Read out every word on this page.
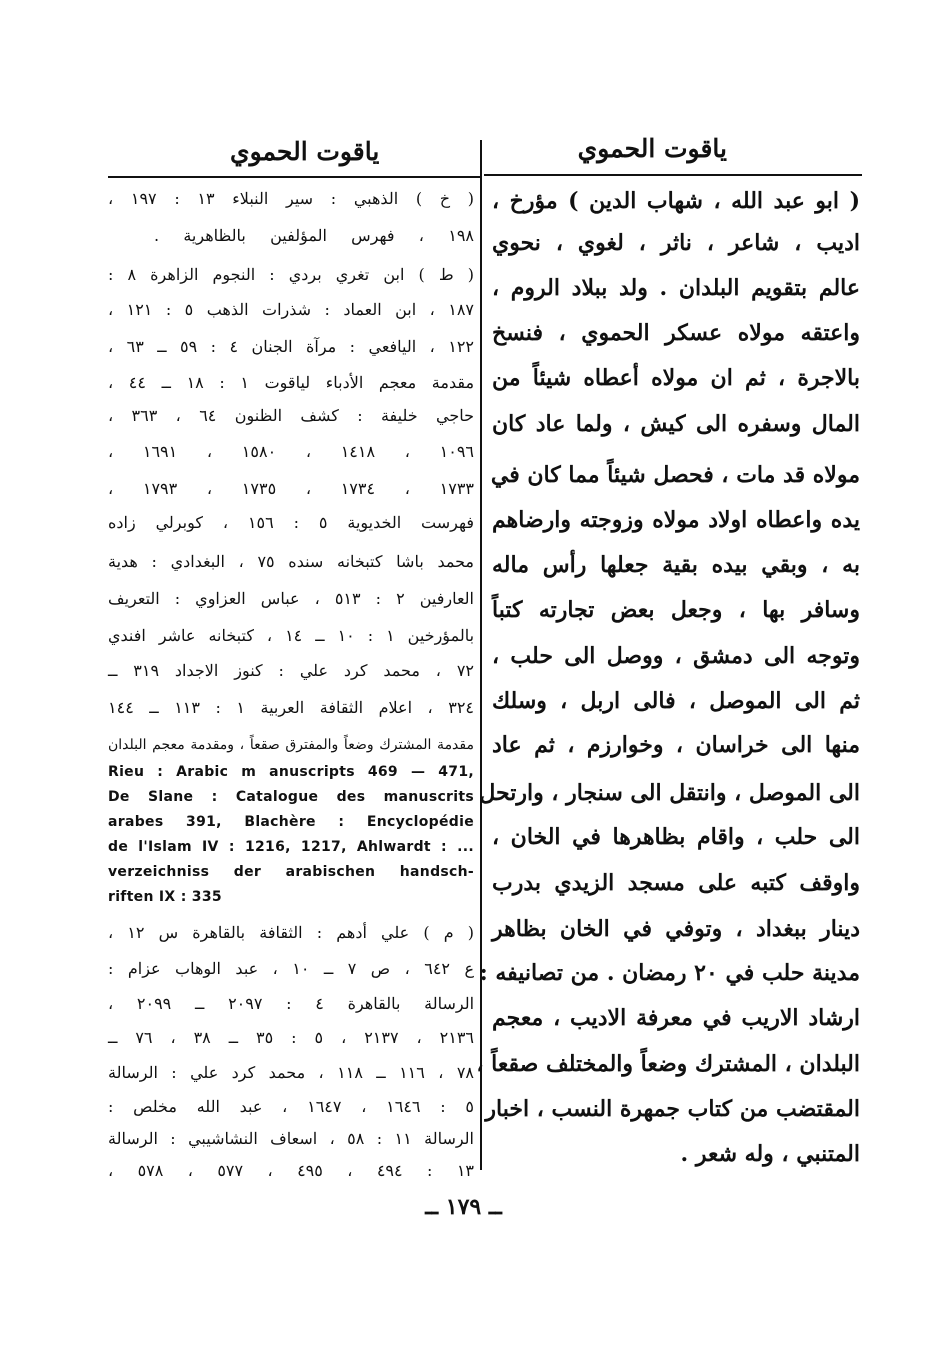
ياقوت الحموي
ياقوت الحموي
( ابو عبد الله ، شهاب الدين ) مؤرخ ،
اديب ، شاعر ، ناثر ، لغوي ، نحوي
عالم بتقويم البلدان . ولد ببلاد الروم ،
واعتقه مولاه عسكر الحموي ، فنسخ
بالاجرة ، ثم ان مولاه أعطاه شيئاً من
المال وسفره الى كيش ، ولما عاد كان
مولاه قد مات ، فحصل شيئاً مما كان في
يده واعطاه اولاد مولاه وزوجته وارضاهم
به ، وبقي بيده بقية جعلها رأس ماله
وسافر بها ، وجعل بعض تجارته كتباً
وتوجه الى دمشق ، ووصل الى حلب ،
ثم الى الموصل ، فالى اربل ، وسلك
منها الى خراسان ، وخوارزم ، ثم عاد
الى الموصل ، وانتقل الى سنجار ، وارتحل
الى حلب ، واقام بظاهرها في الخان ،
واوقف كتبه على مسجد الزيدي بدرب
دينار ببغداد ، وتوفي في الخان بظاهر
مدينة حلب في ٢٠ رمضان . من تصانيفه :
ارشاد الاريب في معرفة الاديب ، معجم
البلدان ، المشترك وضعاً والمختلف صقعاً ،
المقتضب من كتاب جمهرة النسب ، اخبار
المتنبي ، وله شعر .
( خ ) الذهبي : سير النبلاء ١٣ : ١٩٧ ،
١٩٨ ، فهرس المؤلفين بالظاهرية .
( ط ) ابن تغري بردي : النجوم الزاهرة ٨ :
١٨٧ ، ابن العماد : شذرات الذهب ٥ : ١٢١ ،
١٢٢ ، اليافعي : مرآة الجنان ٤ : ٥٩ ــ ٦٣ ،
مقدمة معجم الأدباء لياقوت ١ : ١٨ ــ ٤٤ ،
حاجي خليفة : كشف الظنون ٦٤ ، ٣٦٣ ،
١٠٩٦ ، ١٤١٨ ، ١٥٨٠ ، ١٦٩١ ،
١٧٣٣ ، ١٧٣٤ ، ١٧٣٥ ، ١٧٩٣ ،
فهرست الخديوية ٥ : ١٥٦ ، كوبرلي زاده
محمد باشا كتبخانه سنده ٧٥ ، البغدادي : هدية
العارفين ٢ : ٥١٣ ، عباس العزاوي : التعريف
بالمؤرخين ١ : ١٠ ــ ١٤ ، كتبخانه عاشر افندي
٧٢ ، محمد كرد علي : كنوز الاجداد ٣١٩ ــ
٣٢٤ ، اعلام الثقافة العربية ١ : ١١٣ ــ ١٤٤
مقدمة المشترك وضعاً والمفترق صقعاً ، ومقدمة معجم البلدان
Rieu : Arabic m anuscripts 469 — 471,
De Slane : Catalogue des manuscrits
arabes 391, Blachère : Encyclopédie
de l'Islam IV : 1216, 1217, Ahlwardt : ...
verzeichniss der arabischen handsch-
riften IX : 335
( م ) علي أدهم : الثقافة بالقاهرة س ١٢ ،
ع ٦٤٢ ، ص ٧ ــ ١٠ ، عبد الوهاب عزام :
الرسالة بالقاهرة ٤ : ٢٠٩٧ ــ ٢٠٩٩ ،
٢١٣٦ ، ٢١٣٧ ، ٥ : ٣٥ ــ ٣٨ ، ٧٦ ــ
٧٨ ، ١١٦ ــ ١١٨ ، محمد كرد علي : الرسالة
٥ : ١٦٤٦ ، ١٦٤٧ ، عبد الله مخلص :
الرسالة ١١ : ٥٨ ، اسعاف النشاشيبي : الرسالة
١٣ : ٤٩٤ ، ٤٩٥ ، ٥٧٧ ، ٥٧٨ ،
ــ ١٧٩ ــ
